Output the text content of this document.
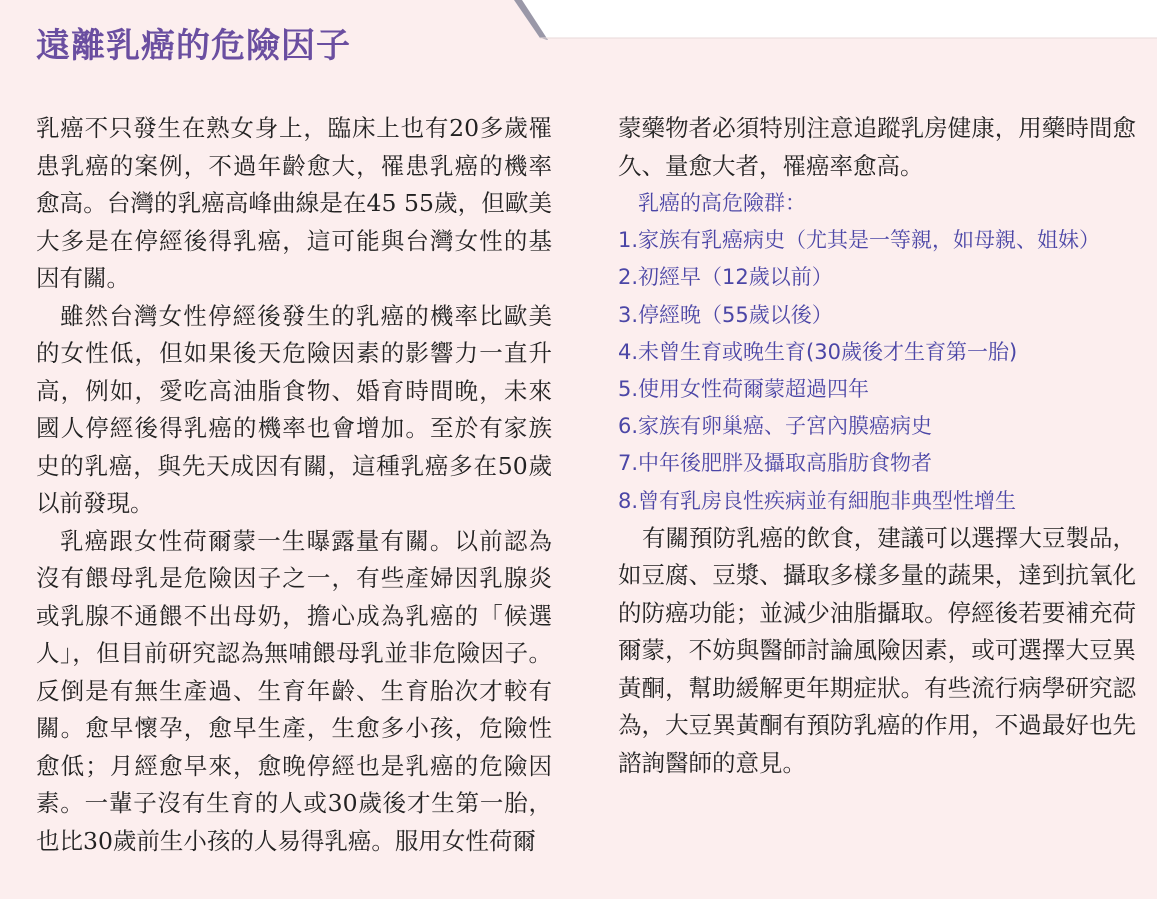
遠離乳癌的危險因子

乳癌不只發生在熟女身上，臨床上也有20多歲罹患乳癌的案例，不過年齡愈大，罹患乳癌的機率愈高。台灣的乳癌高峰曲線是在45 55歲，但歐美大多是在停經後得乳癌，這可能與台灣女性的基因有關。

雖然台灣女性停經後發生的乳癌的機率比歐美的女性低，但如果後天危險因素的影響力一直升高，例如，愛吃高油脂食物、婚育時間晚，未來國人停經後得乳癌的機率也會增加。至於有家族史的乳癌，與先天成因有關，這種乳癌多在50歲以前發現。

乳癌跟女性荷爾蒙一生曝露量有關。以前認為沒有餵母乳是危險因子之一，有些產婦因乳腺炎或乳腺不通餵不出母奶，擔心成為乳癌的「候選人」，但目前研究認為無哺餵母乳並非危險因子。反倒是有無生產過、生育年齡、生育胎次才較有關。愈早懷孕，愈早生產，生愈多小孩，危險性愈低；月經愈早來，愈晚停經也是乳癌的危險因素。一輩子沒有生育的人或30歲後才生第一胎，也比30歲前生小孩的人易得乳癌。服用女性荷爾

蒙藥物者必須特別注意追蹤乳房健康，用藥時間愈久、量愈大者，罹癌率愈高。

乳癌的高危險群：
1.家族有乳癌病史（尤其是一等親，如母親、姐妹）
2.初經早（12歲以前）
3.停經晚（55歲以後）
4.未曾生育或晚生育(30歲後才生育第一胎)
5.使用女性荷爾蒙超過四年
6.家族有卵巢癌、子宮內膜癌病史
7.中年後肥胖及攝取高脂肪食物者
8.曾有乳房良性疾病並有細胞非典型性增生

有關預防乳癌的飲食，建議可以選擇大豆製品，如豆腐、豆漿、攝取多樣多量的蔬果，達到抗氧化的防癌功能；並減少油脂攝取。停經後若要補充荷爾蒙，不妨與醫師討論風險因素，或可選擇大豆異黃酮，幫助緩解更年期症狀。有些流行病學研究認為，大豆異黃酮有預防乳癌的作用，不過最好也先諮詢醫師的意見。
